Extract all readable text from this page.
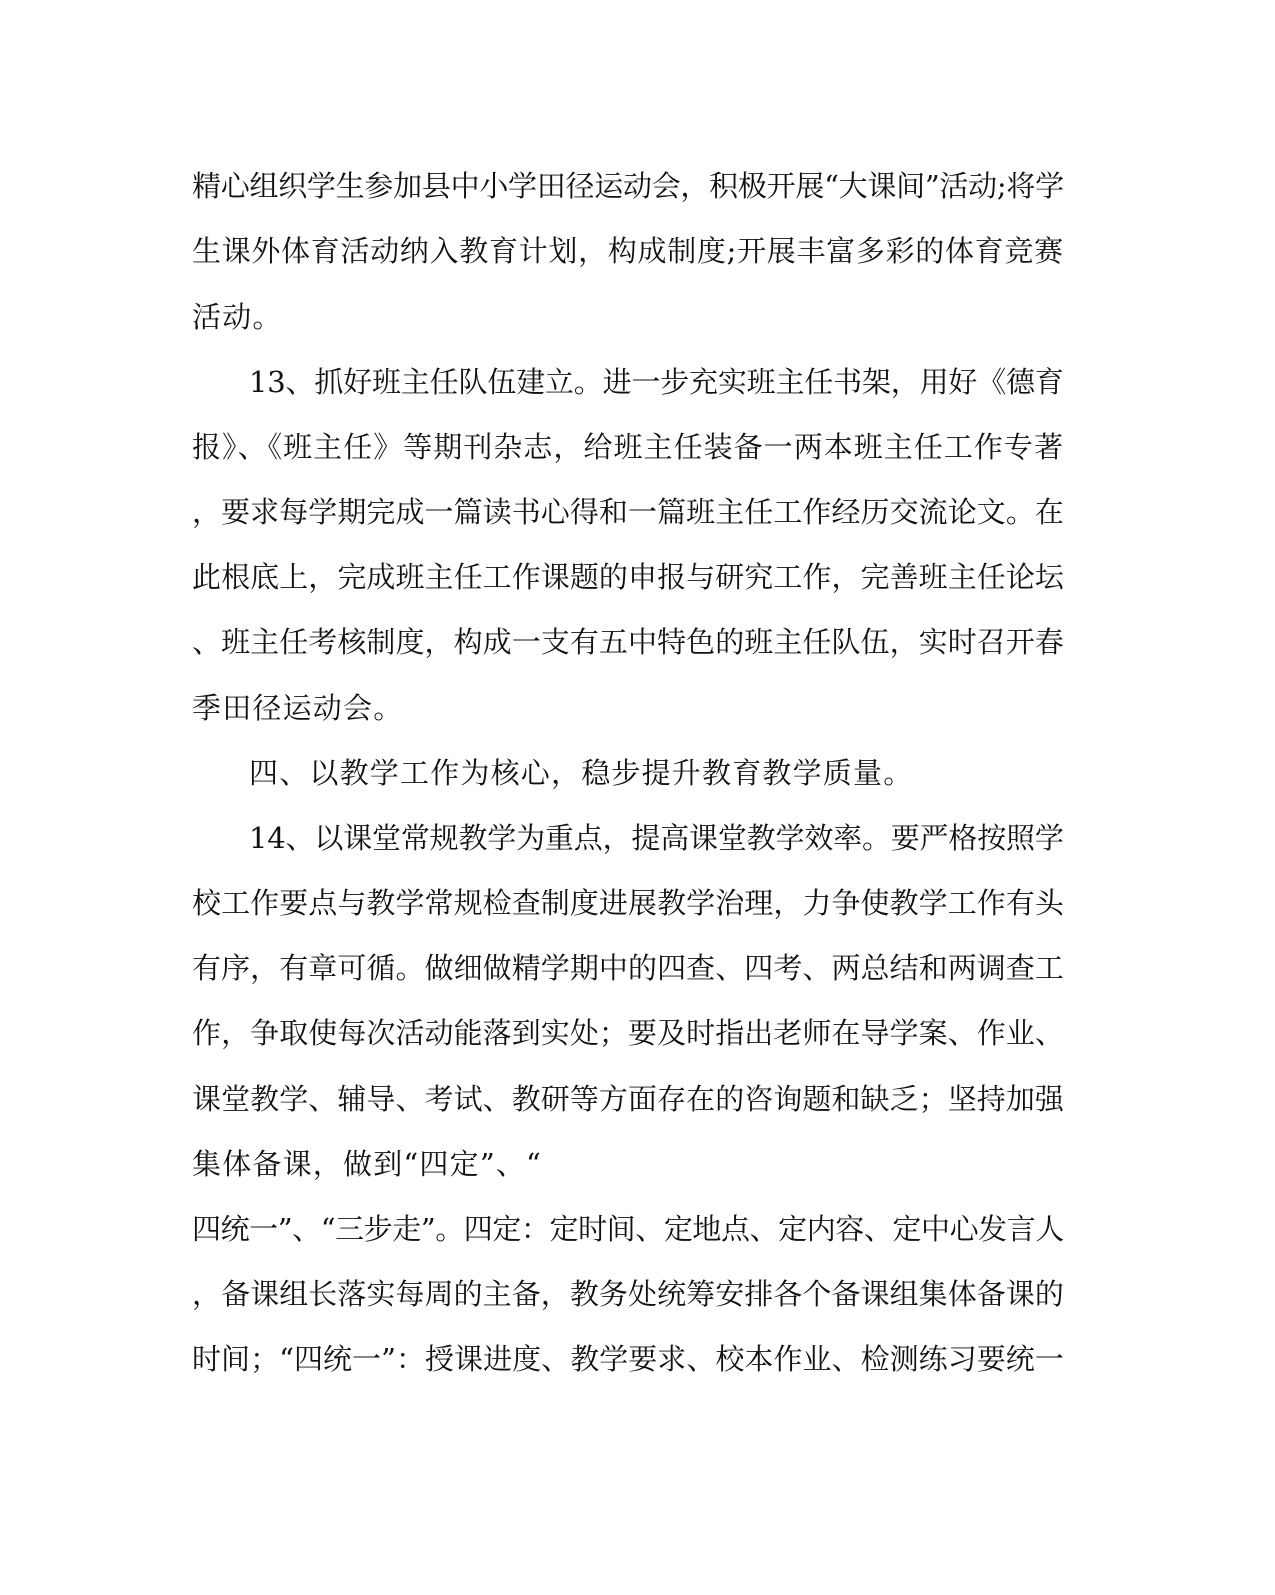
精心组织学生参加县中小学田径运动会，积极开展“大课间”活动;将学
生课外体育活动纳入教育计划，构成制度;开展丰富多彩的体育竞赛
活动。
13、抓好班主任队伍建立。进一步充实班主任书架，用好《德育
报》、《班主任》等期刊杂志，给班主任装备一两本班主任工作专著
，要求每学期完成一篇读书心得和一篇班主任工作经历交流论文。在
此根底上，完成班主任工作课题的申报与研究工作，完善班主任论坛
、班主任考核制度，构成一支有五中特色的班主任队伍，实时召开春
季田径运动会。
四、以教学工作为核心，稳步提升教育教学质量。
14、以课堂常规教学为重点，提高课堂教学效率。要严格按照学
校工作要点与教学常规检查制度进展教学治理，力争使教学工作有头
有序，有章可循。做细做精学期中的四查、四考、两总结和两调查工
作，争取使每次活动能落到实处；要及时指出老师在导学案、作业、
课堂教学、辅导、考试、教研等方面存在的咨询题和缺乏；坚持加强
集体备课，做到“四定”、“
四统一”、“三步走”。四定：定时间、定地点、定内容、定中心发言人
，备课组长落实每周的主备，教务处统筹安排各个备课组集体备课的
时间；“四统一”：授课进度、教学要求、校本作业、检测练习要统一
